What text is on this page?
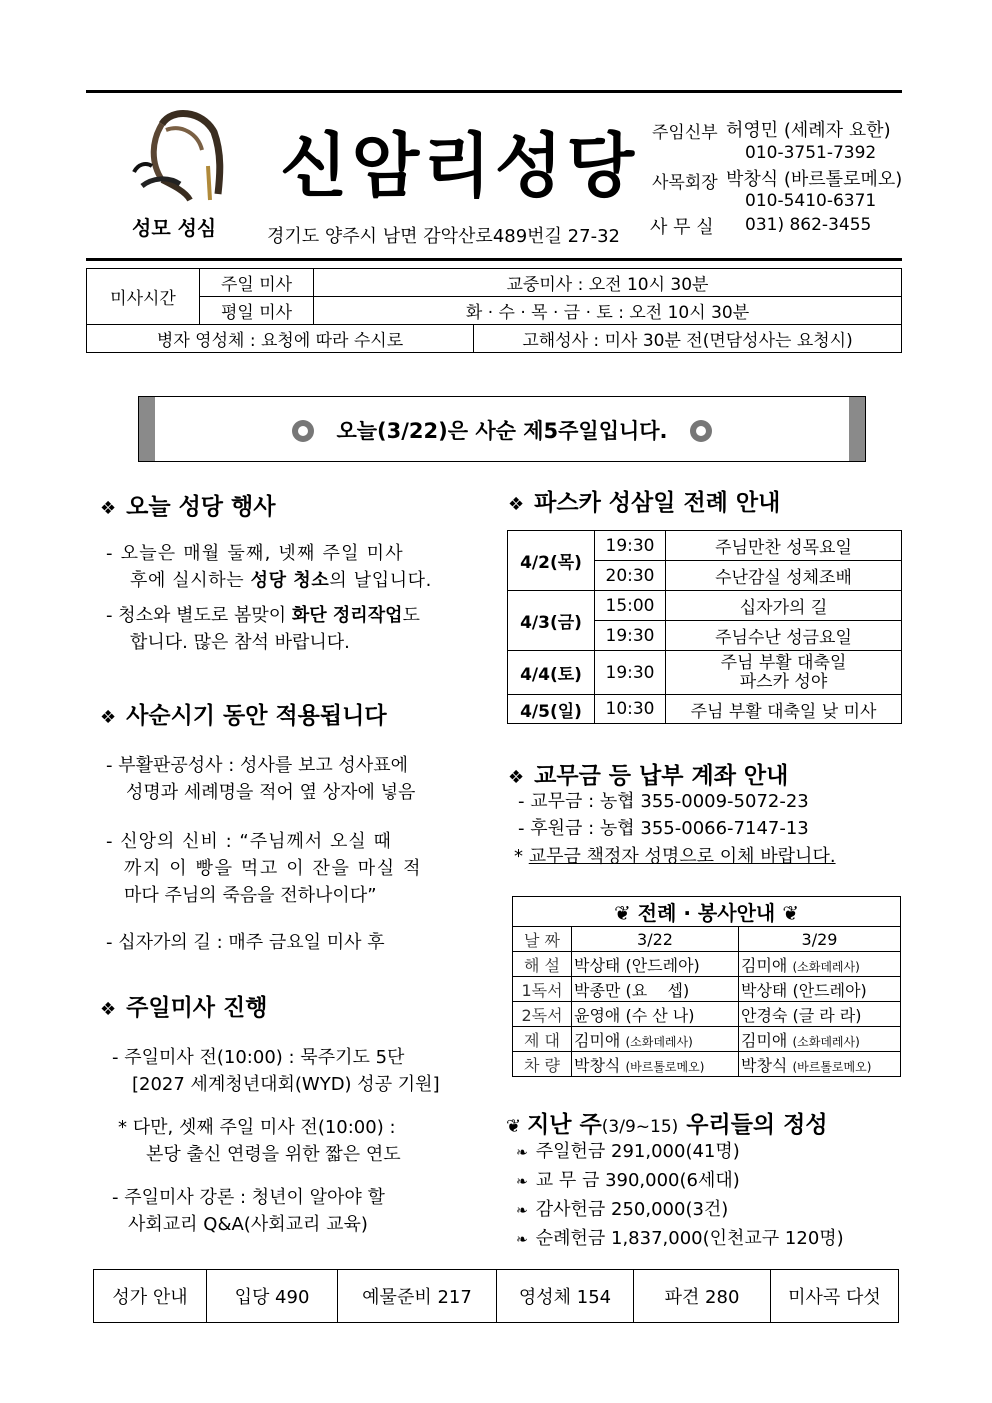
성모 성심
신암리성당
경기도 양주시 남면 감악산로489번길 27-32
주임신부 허영민 (세례자 요한)
010-3751-7392
사목회장 박창식 (바르톨로메오)
010-5410-6371
사 무 실 031) 862-3455
미사시간	주일 미사	교중미사 : 오전 10시 30분	
	평일 미사	화 · 수 · 목 · 금 · 토 : 오전 10시 30분	
병자 영성체 : 요청에 따라 수시로			고해성사 : 미사 30분 전(면담성사는 요청시)
오늘(3/22)은 사순 제5주일입니다.
❖ 오늘 성당 행사
- 오늘은 매월 둘째, 넷째 주일 미사
후에 실시하는 성당 청소의 날입니다.
- 청소와 별도로 봄맞이 화단 정리작업도
합니다. 많은 참석 바랍니다.
❖ 사순시기 동안 적용됩니다
- 부활판공성사 : 성사를 보고 성사표에
성명과 세례명을 적어 옆 상자에 넣음
- 신앙의 신비 : “주님께서 오실 때
까지 이 빵을 먹고 이 잔을 마실 적
마다 주님의 죽음을 전하나이다”
- 십자가의 길 : 매주 금요일 미사 후
❖ 주일미사 진행
- 주일미사 전(10:00) : 묵주기도 5단
[2027 세계청년대회(WYD) 성공 기원]
* 다만, 셋째 주일 미사 전(10:00) :
본당 출신 연령을 위한 짧은 연도
- 주일미사 강론 : 청년이 알아야 할
사회교리 Q&A(사회교리 교육)
❖ 파스카 성삼일 전례 안내
4/2(목)	19:30	주님만찬 성목요일
	20:30	수난감실 성체조배
4/3(금)	15:00	십자가의 길
	19:30	주님수난 성금요일
4/4(토)	19:30	주님 부활 대축일
파스카 성야

4/5(일)	10:30	주님 부활 대축일 낮 미사
❖ 교무금 등 납부 계좌 안내
- 교무금 : 농협 355-0009-5072-23
- 후원금 : 농협 355-0066-7147-13
* 교무금 책정자 성명으로 이체 바랍니다.
❦ 전례 · 봉사안내 ❦		
날 짜	3/22	3/29
해 설	박상태 (안드레아)	김미애 (소화데레사)
1독서	박종만 (요    셉)	박상태 (안드레아)
2독서	윤영애 (수 산 나)	안경숙 (글 라 라)
제 대	김미애 (소화데레사)	김미애 (소화데레사)
차 량	박창식 (바르톨로메오)	박창식 (바르톨로메오)
❦ 지난 주(3/9~15) 우리들의 정성
❧ 주일헌금 291,000(41명)
❧ 교 무 금 390,000(6세대)
❧ 감사헌금 250,000(3건)
❧ 순례헌금 1,837,000(인천교구 120명)
성가 안내	입당 490	예물준비 217	영성체 154	파견 280	미사곡 다섯
